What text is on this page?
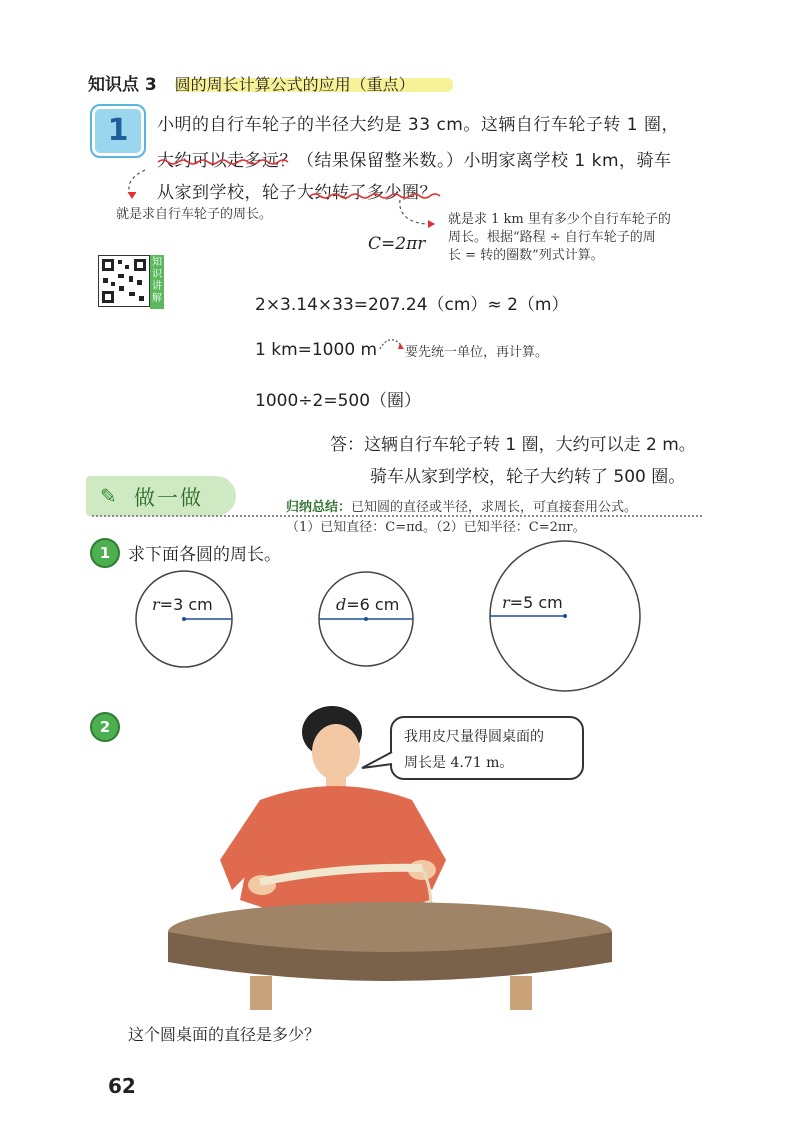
知识点 3 圆的周长计算公式的应用（重点）
1	小明的自行车轮子的半径大约是 33 cm。这辆自行车轮子转 1 圈，
大约可以走多远？（结果保留整米数。）小明家离学校 1 km，骑车
从家到学校，轮子大约转了多少圈？
就是求自行车轮子的周长。	就是求 1 km 里有多少个自行车轮子的
周长。根据“路程 ÷ 自行车轮子的周
长 = 转的圈数”列式计算。
C=2πr
知识讲解	2×3.14×33=207.24（cm）≈ 2（m）
1 km=1000 m 要先统一单位，再计算。
1000÷2=500（圈）
答：这辆自行车轮子转 1 圈，大约可以走 2 m。
骑车从家到学校，轮子大约转了 500 圈。
✎ 做一做	归纳总结：已知圆的直径或半径，求周长，可直接套用公式。
（1）已知直径：C=πd。（2）已知半径：C=2πr。
1	求下面各圆的周长。
r=3 cm	d=6 cm	r=5 cm
2
我用皮尺量得圆桌面的
周长是 4.71 m。
这个圆桌面的直径是多少？
62
